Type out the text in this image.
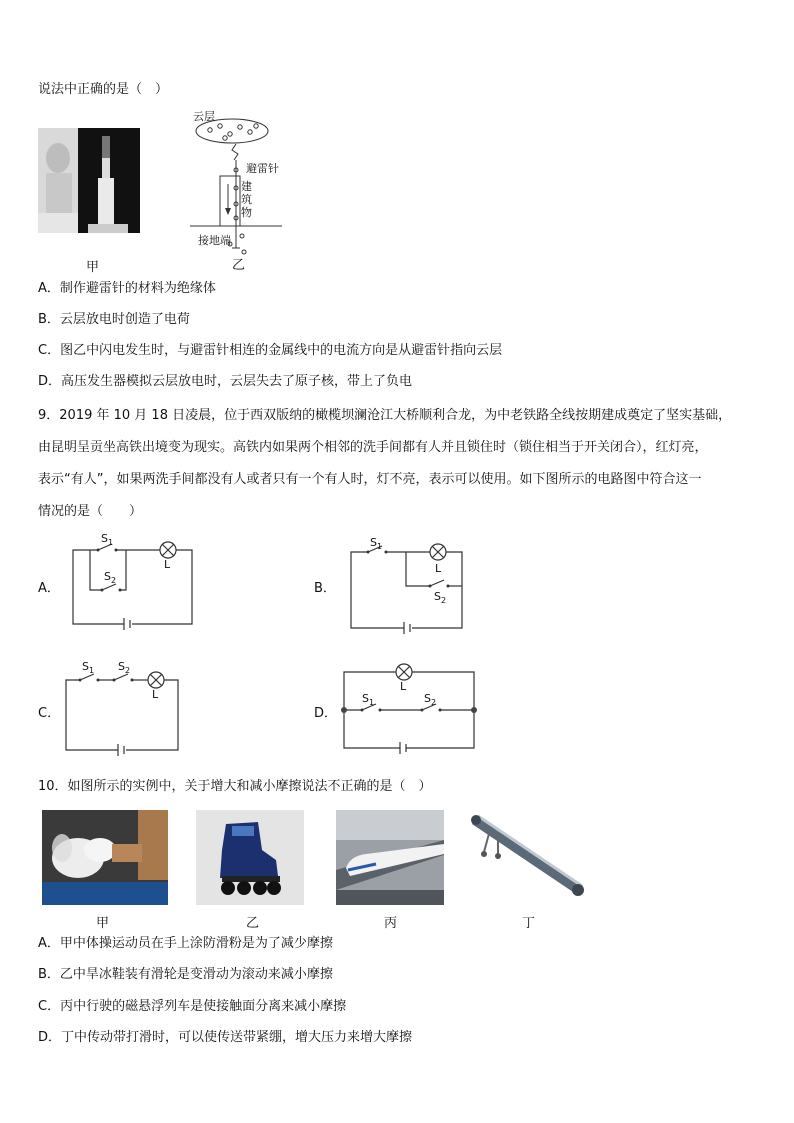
说法中正确的是（　）
甲
云层
避雷针
建
筑
物
接地端
乙
A．制作避雷针的材料为绝缘体
B．云层放电时创造了电荷
C．图乙中闪电发生时，与避雷针相连的金属线中的电流方向是从避雷针指向云层
D．高压发生器模拟云层放电时，云层失去了原子核，带上了负电
9．2019 年 10 月 18 日凌晨，位于西双版纳的橄榄坝澜沧江大桥顺利合龙，为中老铁路全线按期建成奠定了坚实基础，
由昆明呈贡坐高铁出境变为现实。高铁内如果两个相邻的洗手间都有人并且锁住时（锁住相当于开关闭合），红灯亮，
表示“有人”，如果两洗手间都没有人或者只有一个有人时，灯不亮，表示可以使用。如下图所示的电路图中符合这一
情况的是（　　）
A．
$S_1$
$S_2$
L
B．
$S_1$
$S_2$
L
C．
$S_1$ $S_2$
L
D．
$S_1$	$S_2$
L
10．如图所示的实例中，关于增大和减小摩擦说法不正确的是（　）
甲	乙	丙	丁
A．甲中体操运动员在手上涂防滑粉是为了减少摩擦
B．乙中旱冰鞋装有滑轮是变滑动为滚动来减小摩擦
C．丙中行驶的磁悬浮列车是使接触面分离来减小摩擦
D．丁中传动带打滑时，可以使传送带紧绷，增大压力来增大摩擦
